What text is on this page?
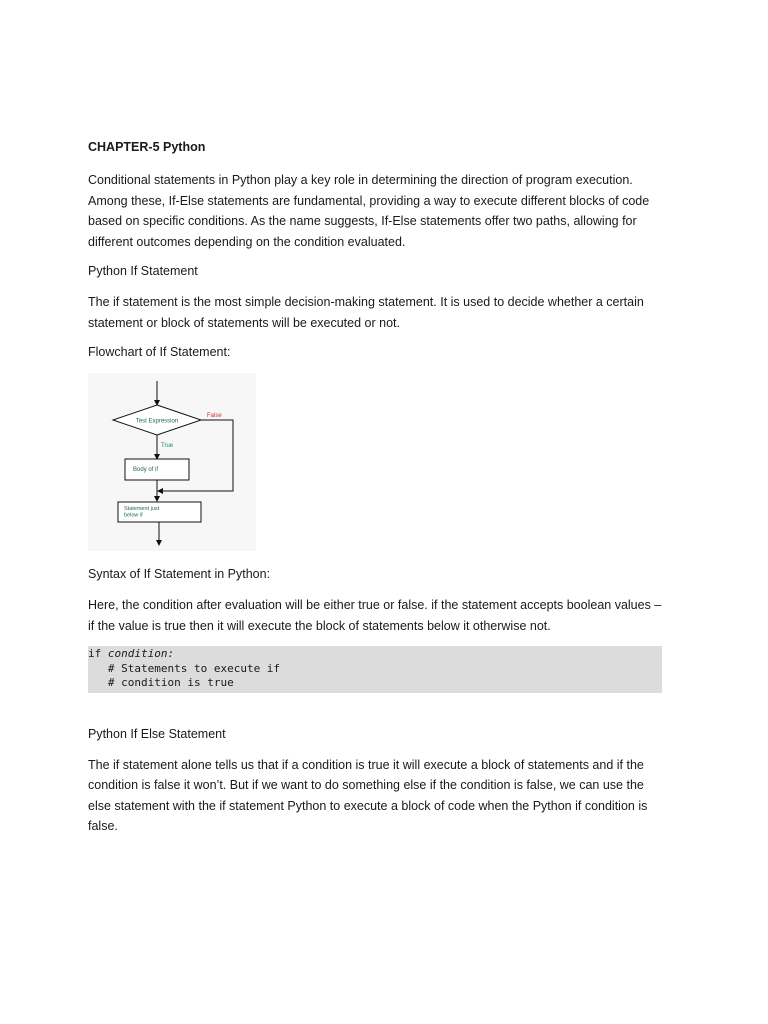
CHAPTER-5 Python

Conditional statements in Python play a key role in determining the direction of program execution. Among these, If-Else statements are fundamental, providing a way to execute different blocks of code based on specific conditions. As the name suggests, If-Else statements offer two paths, allowing for different outcomes depending on the condition evaluated.

Python If Statement

The if statement is the most simple decision-making statement. It is used to decide whether a certain statement or block of statements will be executed or not.

Flowchart of If Statement:

Test Expression
False
True
Body of if
Statement just
below if

Syntax of If Statement in Python:

Here, the condition after evaluation will be either true or false. if the statement accepts boolean values – if the value is true then it will execute the block of statements below it otherwise not.

if condition:
# Statements to execute if
# condition is true

Python If Else Statement

The if statement alone tells us that if a condition is true it will execute a block of statements and if the condition is false it won’t. But if we want to do something else if the condition is false, we can use the else statement with the if statement Python to execute a block of code when the Python if condition is false.
